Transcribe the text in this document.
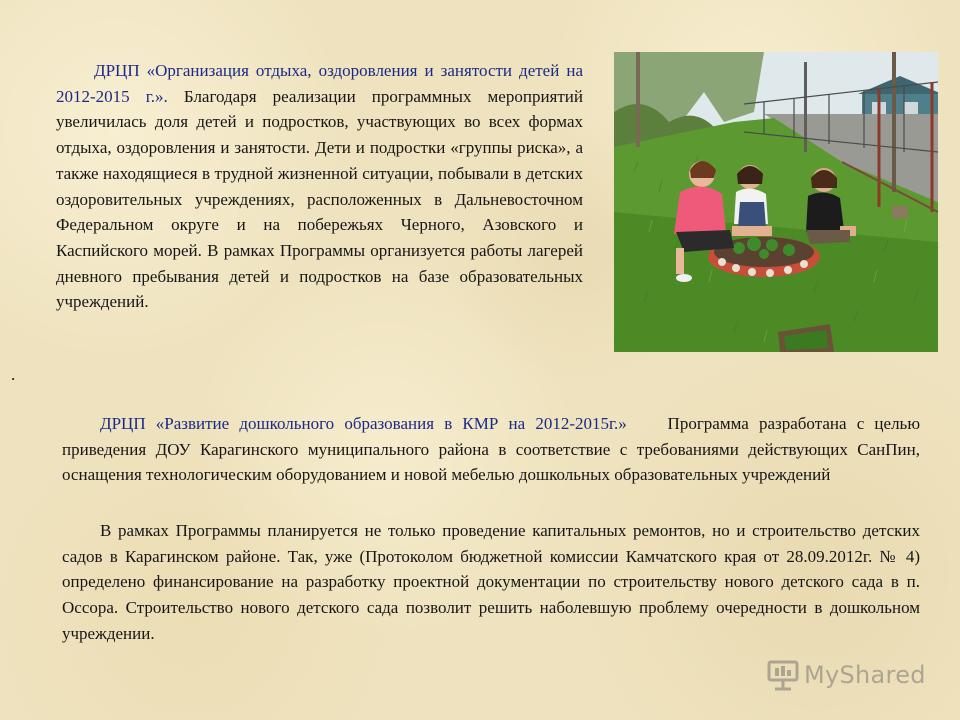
ДРЦП «Организация отдыха, оздоровления и занятости детей на 2012-2015 г.». Благодаря реализации программных мероприятий увеличилась доля детей и подростков, участвующих во всех формах отдыха, оздоровления и занятости. Дети и подростки «группы риска», а также находящиеся в трудной жизненной ситуации, побывали в детских оздоровительных учреждениях, расположенных в Дальневосточном Федеральном округе и на побережьях Черного, Азовского и Каспийского морей. В рамках Программы организуется работы лагерей дневного пребывания детей и подростков на базе образовательных учреждений.

.

ДРЦП «Развитие дошкольного образования в КМР на 2012-2015г.» Программа разработана с целью приведения ДОУ Карагинского муниципального района в соответствие с требованиями действующих СанПин, оснащения технологическим оборудованием и новой мебелью дошкольных образовательных учреждений

В рамках Программы планируется не только проведение капитальных ремонтов, но и строительство детских садов в Карагинском районе. Так, уже (Протоколом бюджетной комиссии Камчатского края от 28.09.2012г. № 4) определено финансирование на разработку проектной документации по строительству нового детского сада в п. Оссора. Строительство нового детского сада позволит решить наболевшую проблему очередности в дошкольном учреждении.

MyShared
